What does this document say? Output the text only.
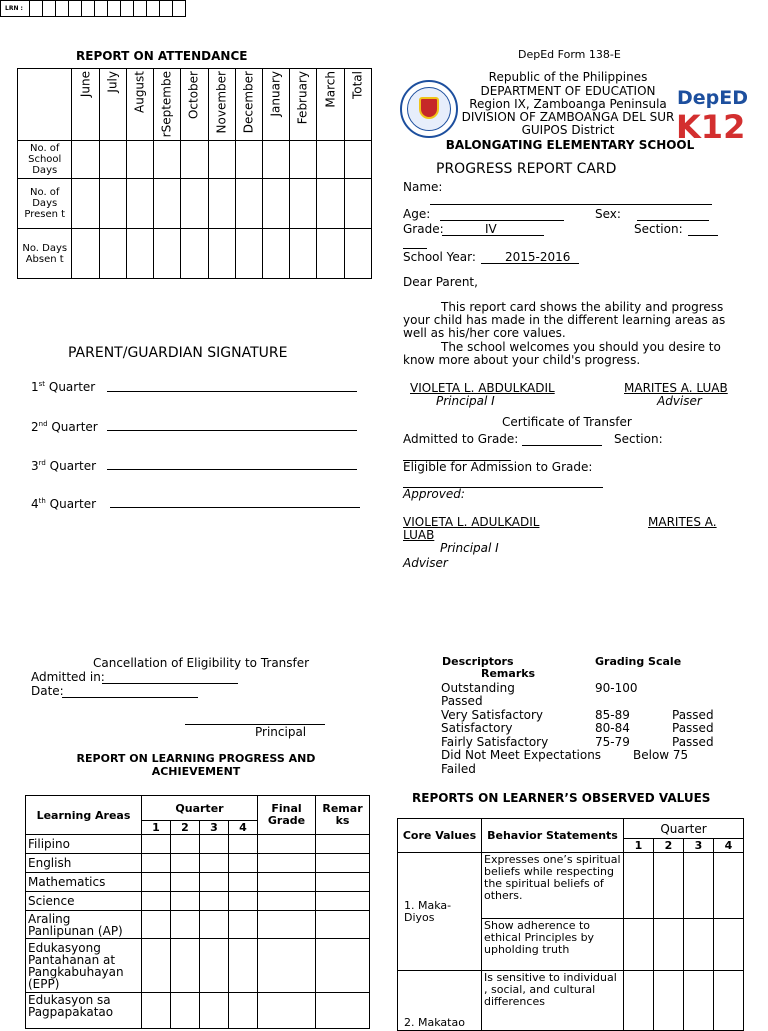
REPORT ON ATTENDANCE

	June	July	August	rSeptembe	October	November	December	January	February	March	Total

No. of School Days											
No. of Days Presen t											
No. Days Absen t											
LRN :
DepEd Form 138-E
DepED
K12
Republic of the Philippines
DEPARTMENT OF EDUCATION
Region IX, Zamboanga Peninsula
DIVISION OF ZAMBOANGA DEL SUR
GUIPOS District
BALONGATING ELEMENTARY SCHOOL
PROGRESS REPORT CARD
Name:
Age:	Sex:
Grade:	IV	Section:
School Year: 2015-2016
Dear Parent,
This report card shows the ability and progress
your child has made in the different learning areas as
well as his/her core values.
The school welcomes you should you desire to
know more about your child's progress.
VIOLETA L. ABDULKADIL
Principal I
MARITES A. LUAB
Adviser
Certificate of Transfer
Admitted to Grade:	Section:
Eligible for Admission to Grade:
Approved:
VIOLETA L. ADULKADIL	MARITES A.
LUAB
Principal I
Adviser
PARENT/GUARDIAN SIGNATURE
1st Quarter
2nd Quarter
3rd Quarter
4th Quarter
Cancellation of Eligibility to Transfer
Admitted in:
Date:
Principal
Descriptors	Grading Scale
Remarks
Outstanding	90-100
Passed
Very Satisfactory	85-89	Passed
Satisfactory	80-84	Passed
Fairly Satisfactory	75-79	Passed
Did Not Meet Expectations	Below 75
Failed
REPORT ON LEARNING PROGRESS AND
ACHIEVEMENT
Learning Areas	Quarter				Final Grade	Remar ks
	1	2	3	4		
Filipino						
English						
Mathematics						
Science						
Araling Panlipunan (AP)						
Edukasyong Pantahanan at Pangkabuhayan (EPP)						
Edukasyon sa Pagpapakatao						
REPORTS ON LEARNER’S OBSERVED VALUES
Core Values	Behavior Statements	Quarter			
		1	2	3	4
1. Maka-
Diyos	Expresses one’s spiritual beliefs while respecting the spiritual beliefs of others.				
	Show adherence to ethical Principles by upholding truth				
2. Makatao	Is sensitive to individual , social, and cultural differences				
